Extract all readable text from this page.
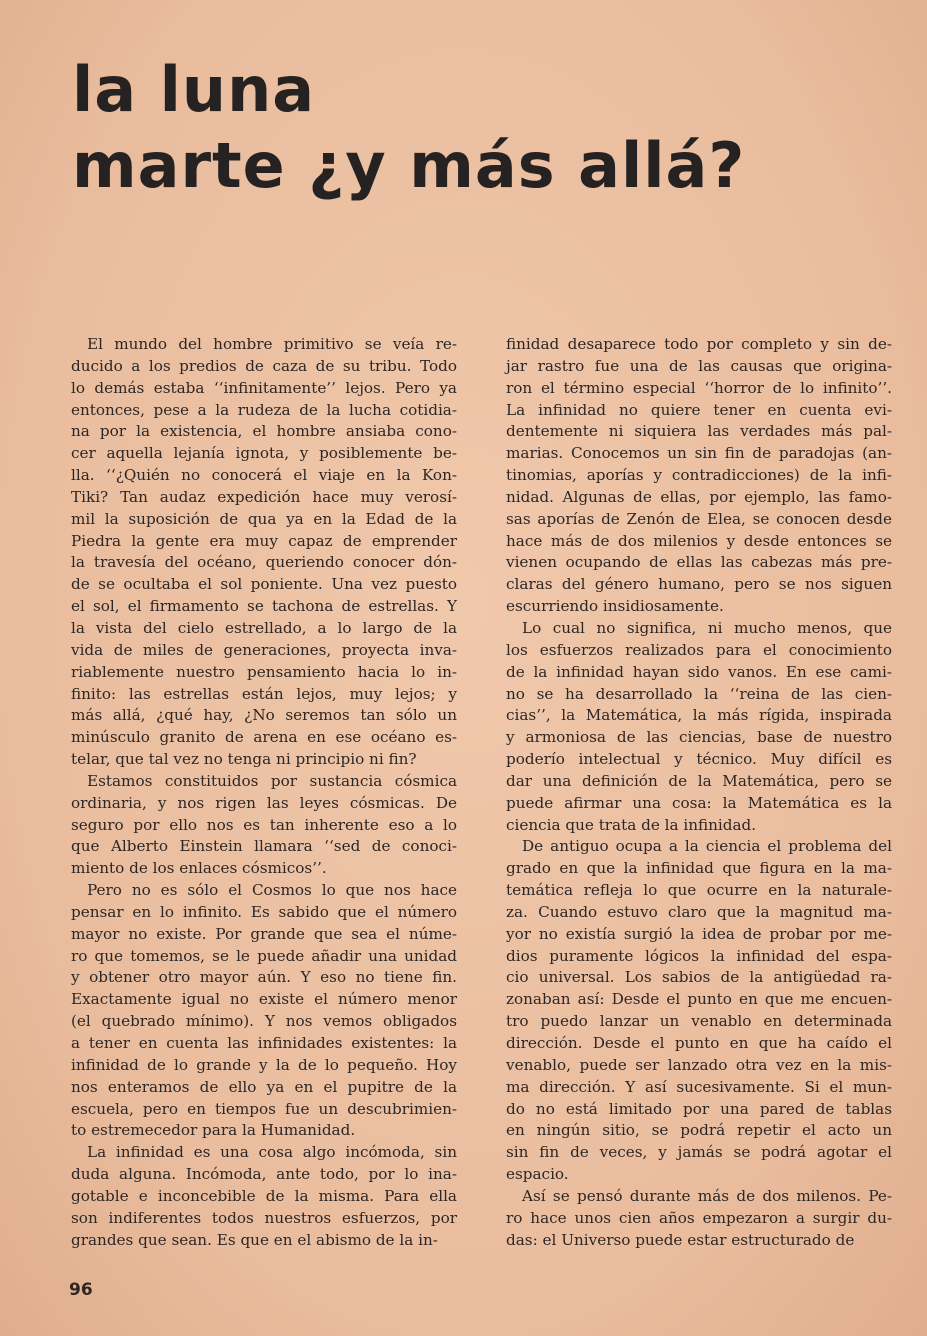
la luna
marte ¿y más allá?
El mundo del hombre primitivo se veía re-
ducido a los predios de caza de su tribu. Todo
lo demás estaba ‘‘infinitamente’’ lejos. Pero ya
entonces, pese a la rudeza de la lucha cotidia-
na por la existencia, el hombre ansiaba cono-
cer aquella lejanía ignota, y posiblemente be-
lla. ‘‘¿Quién no conocerá el viaje en la Kon-
Tiki? Tan audaz expedición hace muy verosí-
mil la suposición de qua ya en la Edad de la
Piedra la gente era muy capaz de emprender
la travesía del océano, queriendo conocer dón-
de se ocultaba el sol poniente. Una vez puesto
el sol, el firmamento se tachona de estrellas. Y
la vista del cielo estrellado, a lo largo de la
vida de miles de generaciones, proyecta inva-
riablemente nuestro pensamiento hacia lo in-
finito: las estrellas están lejos, muy lejos; y
más allá, ¿qué hay, ¿No seremos tan sólo un
minúsculo granito de arena en ese océano es-
telar, que tal vez no tenga ni principio ni fin?
Estamos constituidos por sustancia cósmica
ordinaria, y nos rigen las leyes cósmicas. De
seguro por ello nos es tan inherente eso a lo
que Alberto Einstein llamara ‘‘sed de conoci-
miento de los enlaces cósmicos’’.
Pero no es sólo el Cosmos lo que nos hace
pensar en lo infinito. Es sabido que el número
mayor no existe. Por grande que sea el núme-
ro que tomemos, se le puede añadir una unidad
y obtener otro mayor aún. Y eso no tiene fin.
Exactamente igual no existe el número menor
(el quebrado mínimo). Y nos vemos obligados
a tener en cuenta las infinidades existentes: la
infinidad de lo grande y la de lo pequeño. Hoy
nos enteramos de ello ya en el pupitre de la
escuela, pero en tiempos fue un descubrimien-
to estremecedor para la Humanidad.
La infinidad es una cosa algo incómoda, sin
duda alguna. Incómoda, ante todo, por lo ina-
gotable e inconcebible de la misma. Para ella
son indiferentes todos nuestros esfuerzos, por
grandes que sean. Es que en el abismo de la in-
finidad desaparece todo por completo y sin de-
jar rastro fue una de las causas que origina-
ron el término especial ‘‘horror de lo infinito’’.
La infinidad no quiere tener en cuenta evi-
dentemente ni siquiera las verdades más pal-
marias. Conocemos un sin fin de paradojas (an-
tinomias, aporías y contradicciones) de la infi-
nidad. Algunas de ellas, por ejemplo, las famo-
sas aporías de Zenón de Elea, se conocen desde
hace más de dos milenios y desde entonces se
vienen ocupando de ellas las cabezas más pre-
claras del género humano, pero se nos siguen
escurriendo insidiosamente.
Lo cual no significa, ni mucho menos, que
los esfuerzos realizados para el conocimiento
de la infinidad hayan sido vanos. En ese cami-
no se ha desarrollado la ‘‘reina de las cien-
cias’’, la Matemática, la más rígida, inspirada
y armoniosa de las ciencias, base de nuestro
poderío intelectual y técnico. Muy difícil es
dar una definición de la Matemática, pero se
puede afirmar una cosa: la Matemática es la
ciencia que trata de la infinidad.
De antiguo ocupa a la ciencia el problema del
grado en que la infinidad que figura en la ma-
temática refleja lo que ocurre en la naturale-
za. Cuando estuvo claro que la magnitud ma-
yor no existía surgió la idea de probar por me-
dios puramente lógicos la infinidad del espa-
cio universal. Los sabios de la antigüedad ra-
zonaban así: Desde el punto en que me encuen-
tro puedo lanzar un venablo en determinada
dirección. Desde el punto en que ha caído el
venablo, puede ser lanzado otra vez en la mis-
ma dirección. Y así sucesivamente. Si el mun-
do no está limitado por una pared de tablas
en ningún sitio, se podrá repetir el acto un
sin fin de veces, y jamás se podrá agotar el
espacio.
Así se pensó durante más de dos milenos. Pe-
ro hace unos cien años empezaron a surgir du-
das: el Universo puede estar estructurado de
96
